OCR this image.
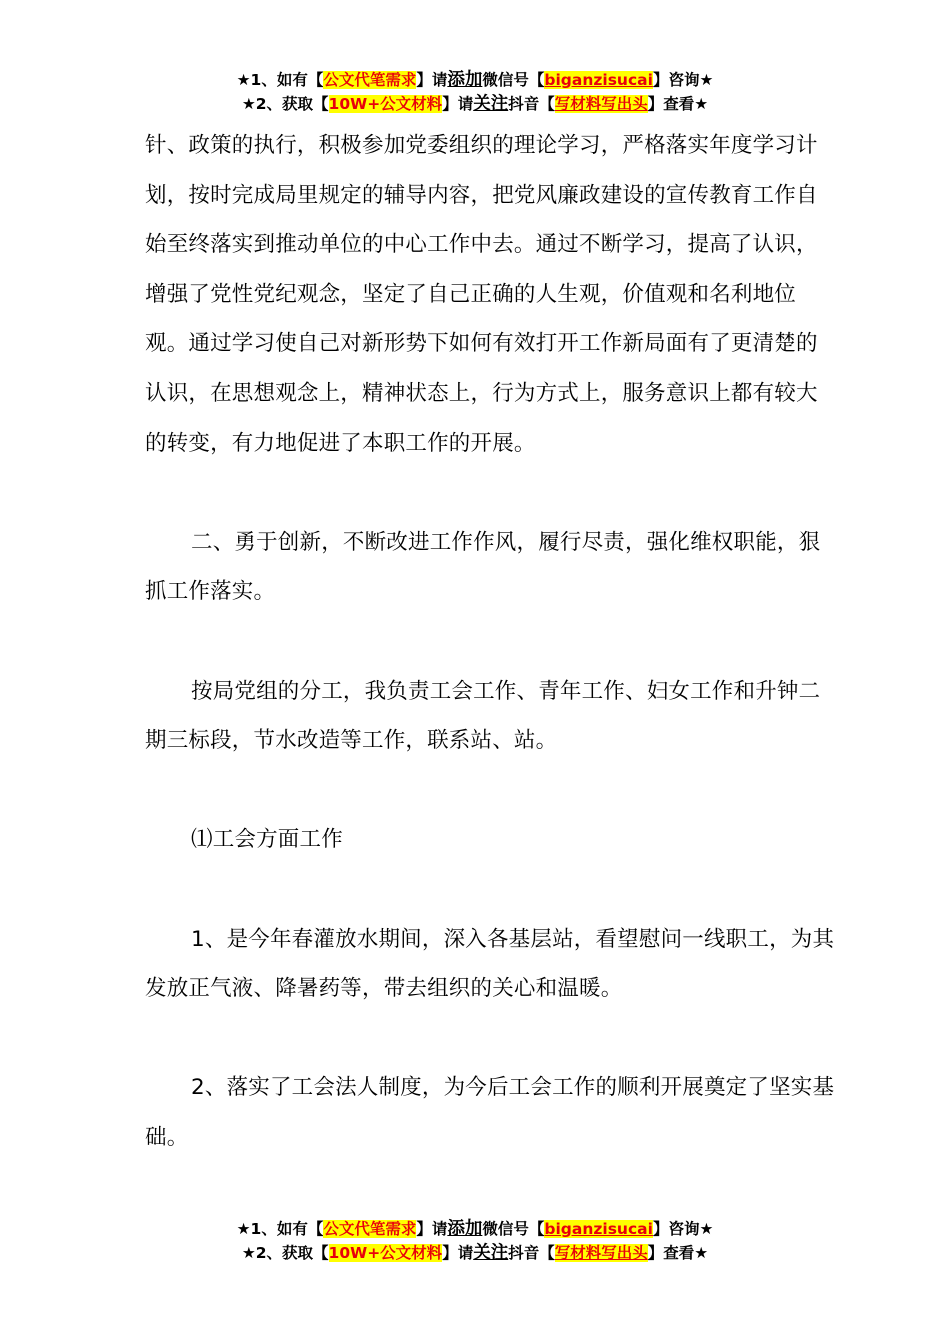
★1、如有【公文代笔需求】请添加微信号【biganzisucai】咨询★
★2、获取【10W+公文材料】请关注抖音【写材料写出头】查看★

针、政策的执行，积极参加党委组织的理论学习，严格落实年度学习计划，按时完成局里规定的辅导内容，把党风廉政建设的宣传教育工作自始至终落实到推动单位的中心工作中去。通过不断学习，提高了认识，增强了党性党纪观念，坚定了自己正确的人生观，价值观和名利地位观。通过学习使自己对新形势下如何有效打开工作新局面有了更清楚的认识，在思想观念上，精神状态上，行为方式上，服务意识上都有较大的转变，有力地促进了本职工作的开展。

二、勇于创新，不断改进工作作风，履行尽责，强化维权职能，狠抓工作落实。

按局党组的分工，我负责工会工作、青年工作、妇女工作和升钟二期三标段，节水改造等工作，联系站、站。

⑴工会方面工作

1、是今年春灌放水期间，深入各基层站，看望慰问一线职工，为其发放正气液、降暑药等，带去组织的关心和温暖。

2、落实了工会法人制度，为今后工会工作的顺利开展奠定了坚实基础。

★1、如有【公文代笔需求】请添加微信号【biganzisucai】咨询★
★2、获取【10W+公文材料】请关注抖音【写材料写出头】查看★
